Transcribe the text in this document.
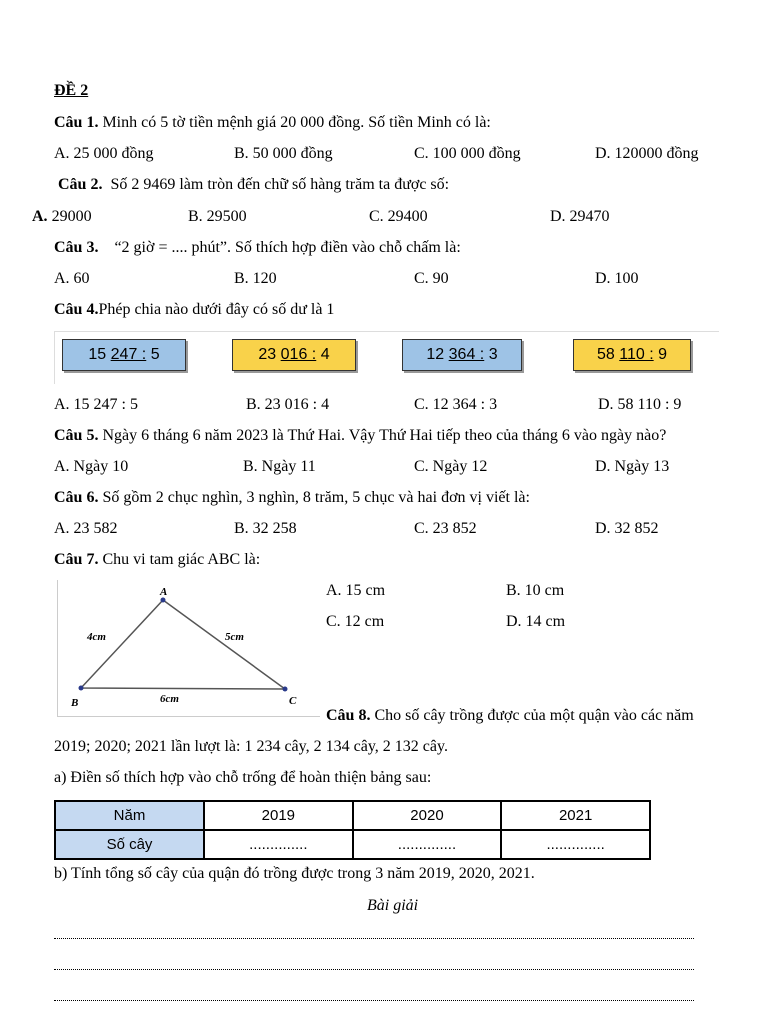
ĐỀ 2
Câu 1. Minh có 5 tờ tiền mệnh giá 20 000 đồng. Số tiền Minh có là:
A. 25 000 đồng	B. 50 000 đồng	C. 100 000 đồng	D. 120000 đồng
Câu 2. Số 2 9469 làm tròn đến chữ số hàng trăm ta được số:
A. 29000	B. 29500	C. 29400	D. 29470
Câu 3. “2 giờ = .... phút”. Số thích hợp điền vào chỗ chấm là:
A. 60	B. 120	C. 90	D. 100
Câu 4.Phép chia nào dưới đây có số dư là 1
15 247 : 5	23 016 : 4	12 364 : 3	58 110 : 9
A. 15 247 : 5	B. 23 016 : 4	C. 12 364 : 3	D. 58 110 : 9
Câu 5. Ngày 6 tháng 6 năm 2023 là Thứ Hai. Vậy Thứ Hai tiếp theo của tháng 6 vào ngày nào?
A. Ngày 10	B. Ngày 11	C. Ngày 12	D. Ngày 13
Câu 6. Số gồm 2 chục nghìn, 3 nghìn, 8 trăm, 5 chục và hai đơn vị viết là:
A. 23 582	B. 32 258	C. 23 852	D. 32 852
Câu 7. Chu vi tam giác ABC là:
A
B	C
4cm	5cm
6cm
A. 15 cm	B. 10 cm
C. 12 cm	D. 14 cm
Câu 8. Cho số cây trồng được của một quận vào các năm
2019; 2020; 2021 lần lượt là: 1 234 cây, 2 134 cây, 2 132 cây.
a) Điền số thích hợp vào chỗ trống để hoàn thiện bảng sau:
Năm	2019	2020	2021
Số cây	..............	..............	..............
b) Tính tổng số cây của quận đó trồng được trong 3 năm 2019, 2020, 2021.
Bài giải
